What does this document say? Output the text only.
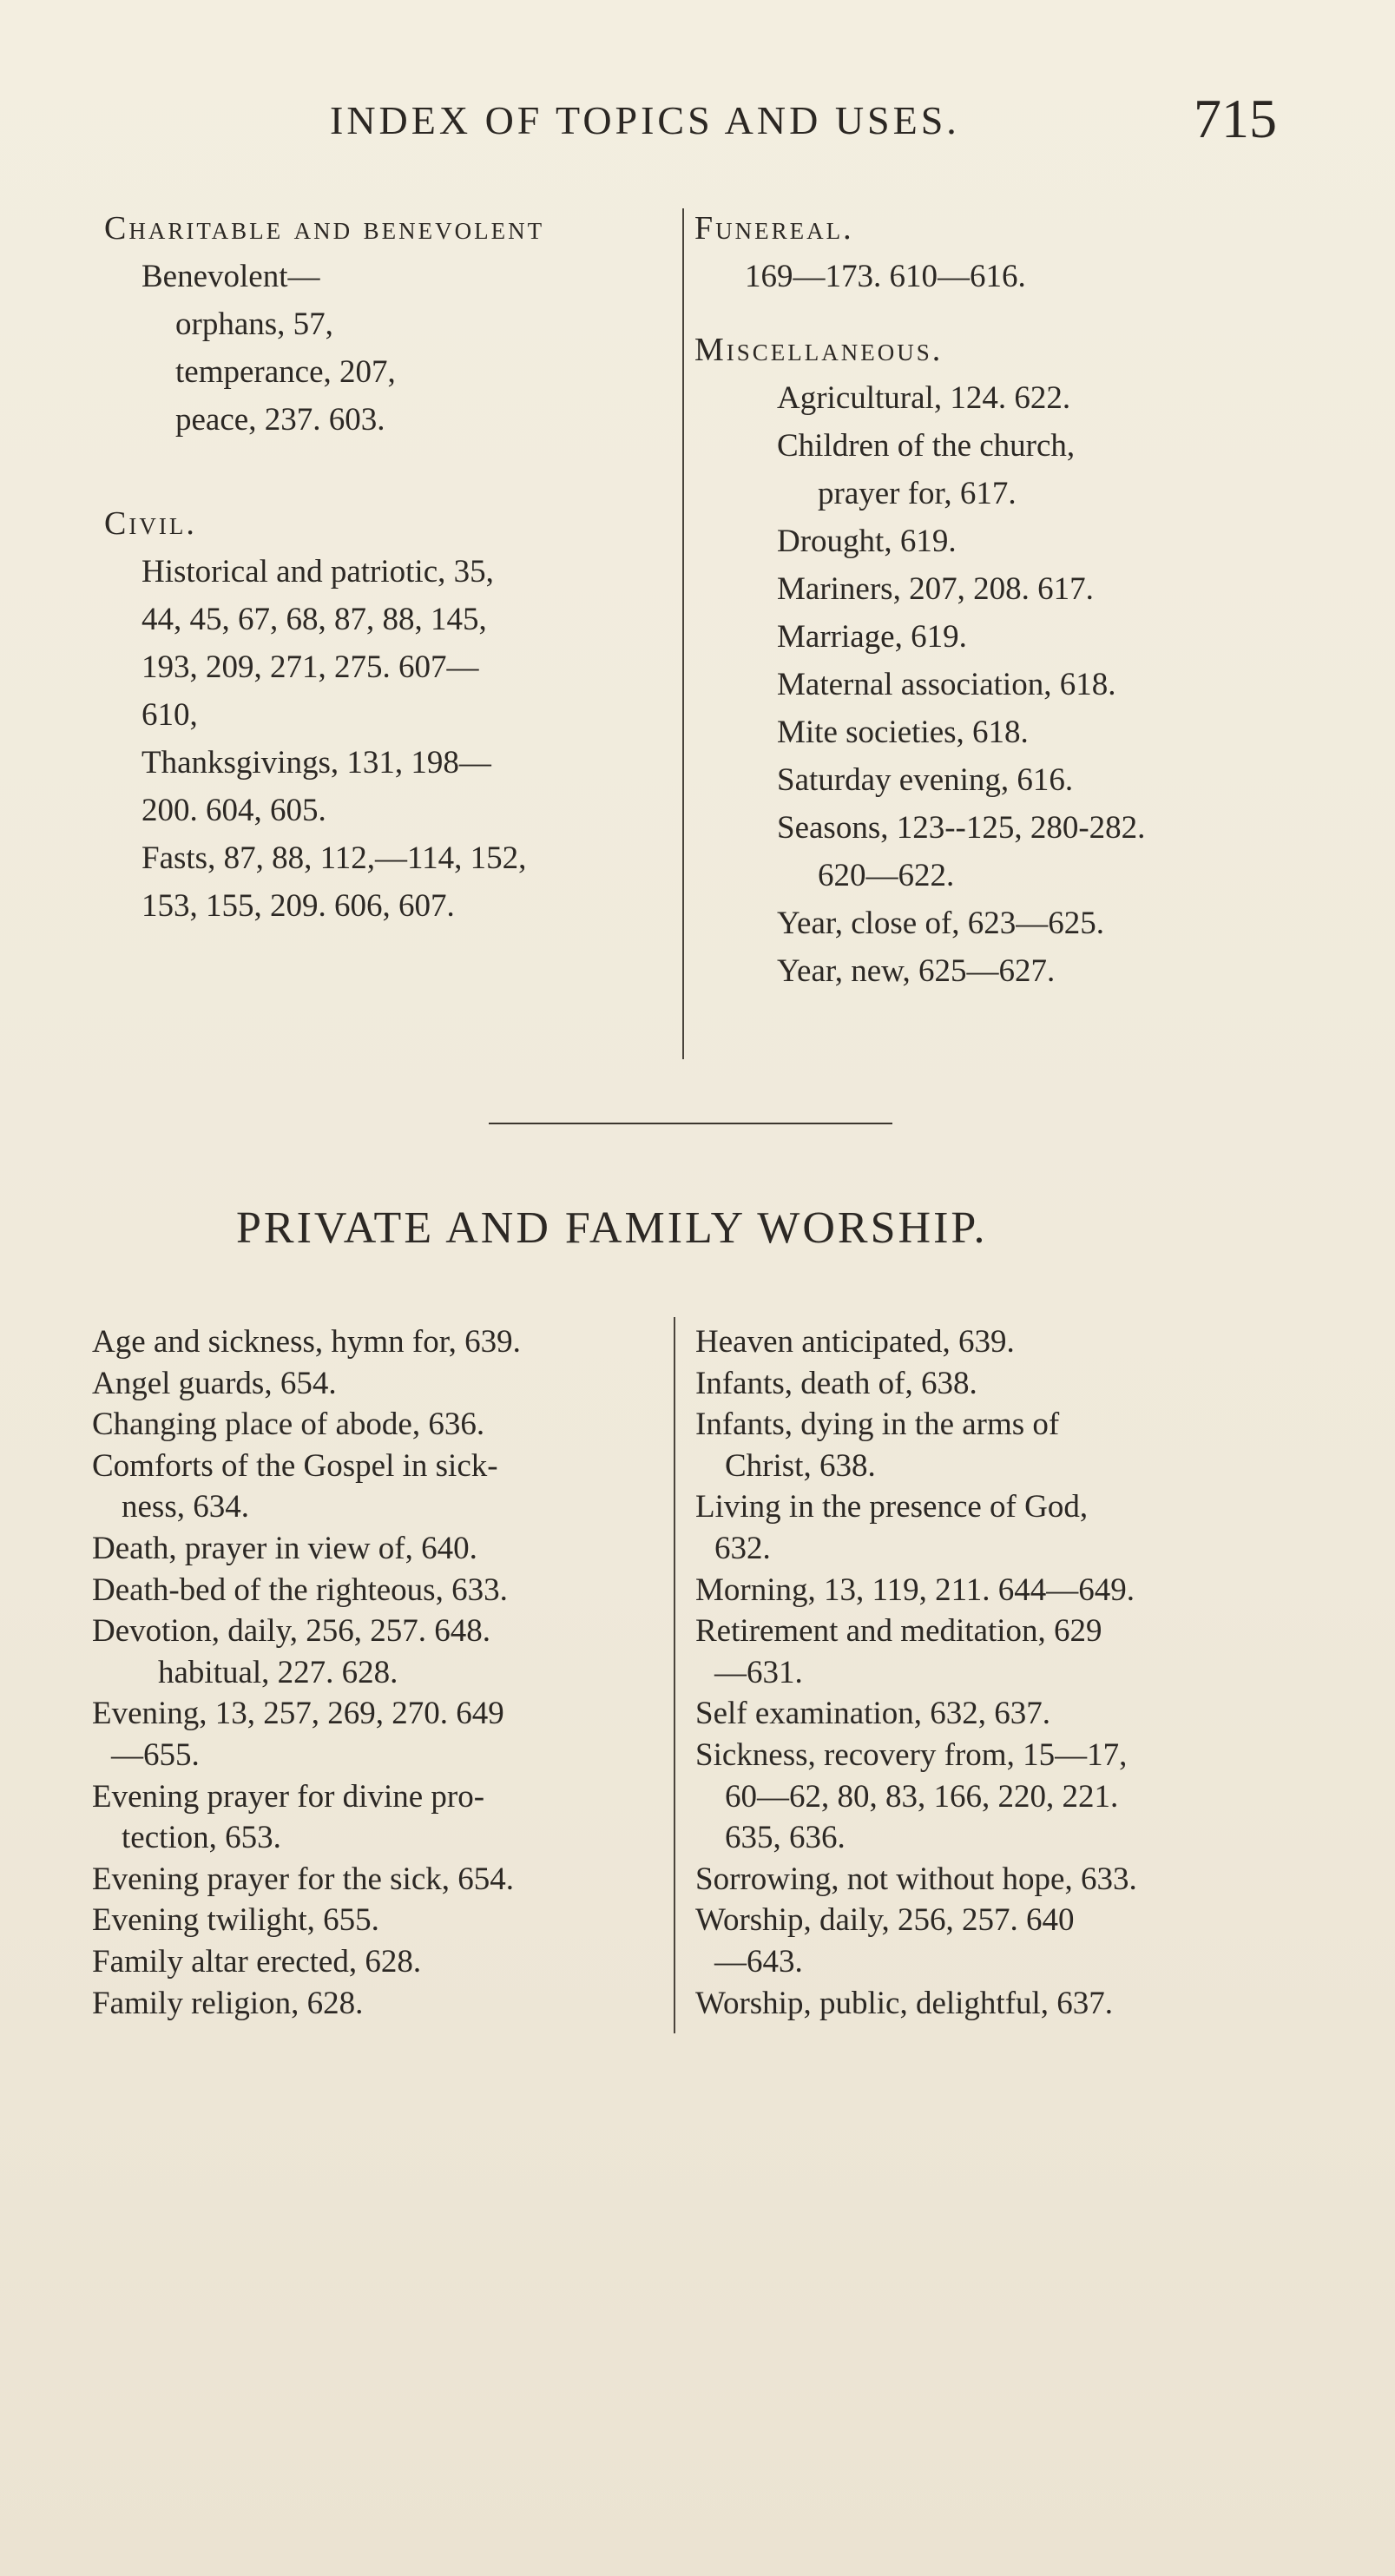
INDEX OF TOPICS AND USES.	715
Charitable and benevolent
Benevolent—
orphans, 57,
temperance, 207,
peace, 237. 603.
Civil.
Historical and patriotic, 35,
44, 45, 67, 68, 87, 88, 145,
193, 209, 271, 275. 607—
610,
Thanksgivings, 131, 198—
200. 604, 605.
Fasts, 87, 88, 112,—114, 152,
153, 155, 209. 606, 607.
Funereal.
169—173. 610—616.
Miscellaneous.
Agricultural, 124. 622.
Children of the church,
prayer for, 617.
Drought, 619.
Mariners, 207, 208. 617.
Marriage, 619.
Maternal association, 618.
Mite societies, 618.
Saturday evening, 616.
Seasons, 123--125, 280-282.
620—622.
Year, close of, 623—625.
Year, new, 625—627.
PRIVATE AND FAMILY WORSHIP.
Age and sickness, hymn for, 639.
Angel guards, 654.
Changing place of abode, 636.
Comforts of the Gospel in sick-
ness, 634.
Death, prayer in view of, 640.
Death-bed of the righteous, 633.
Devotion, daily, 256, 257. 648.
habitual, 227. 628.
Evening, 13, 257, 269, 270. 649
—655.
Evening prayer for divine pro-
tection, 653.
Evening prayer for the sick, 654.
Evening twilight, 655.
Family altar erected, 628.
Family religion, 628.
Heaven anticipated, 639.
Infants, death of, 638.
Infants, dying in the arms of
Christ, 638.
Living in the presence of God,
632.
Morning, 13, 119, 211. 644—649.
Retirement and meditation, 629
—631.
Self examination, 632, 637.
Sickness, recovery from, 15—17,
60—62, 80, 83, 166, 220, 221.
635, 636.
Sorrowing, not without hope, 633.
Worship, daily, 256, 257. 640
—643.
Worship, public, delightful, 637.
